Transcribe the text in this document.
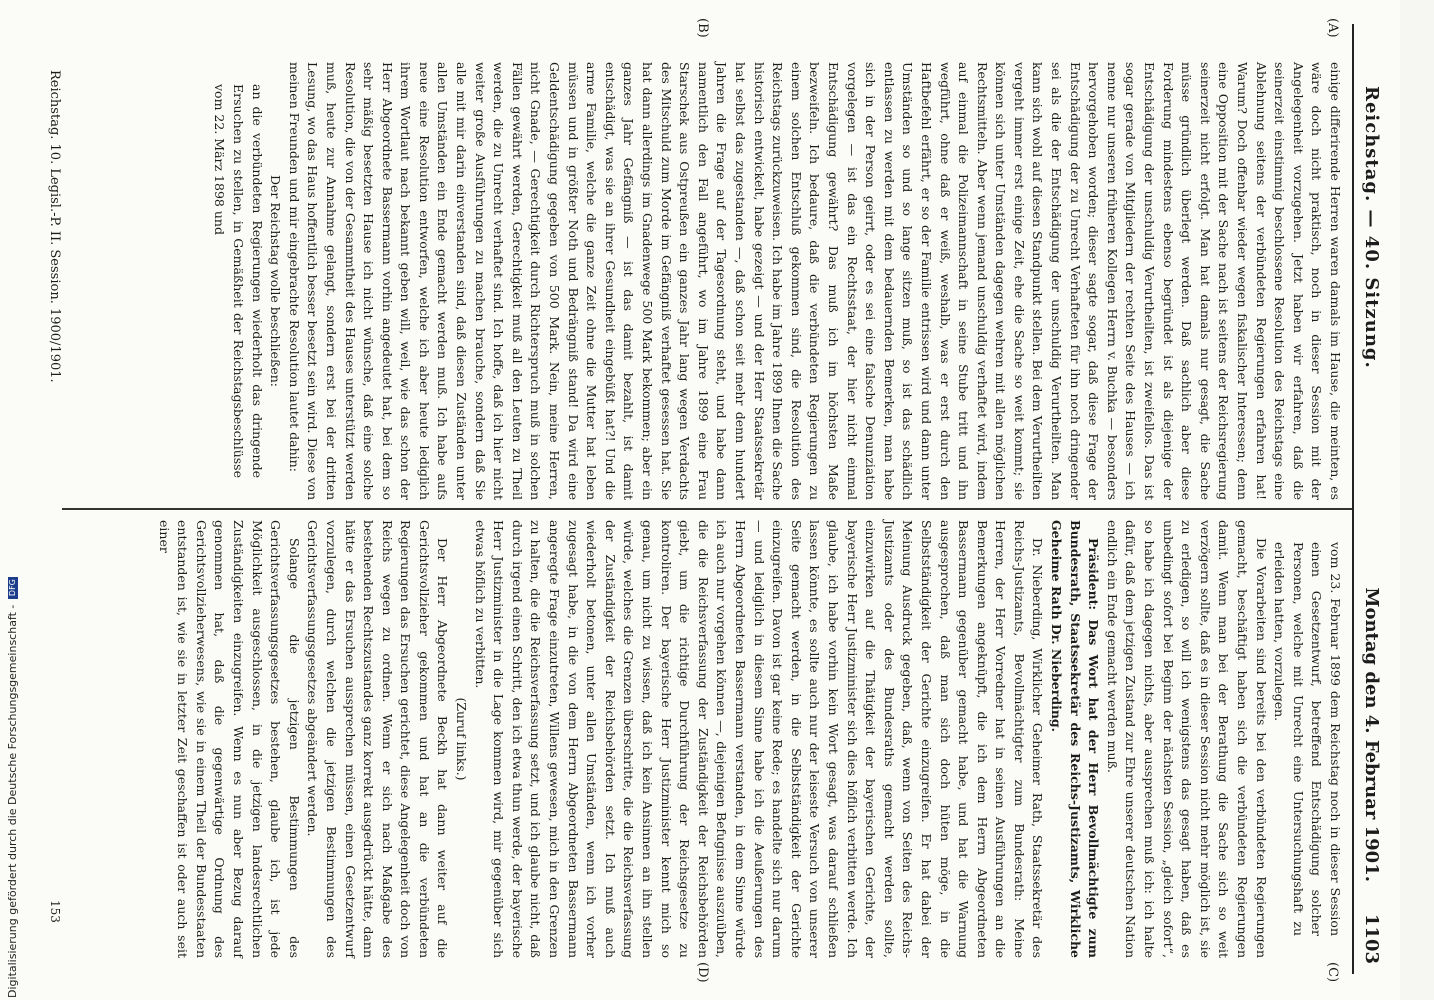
Reichstag. — 40. Sitzung.
Montag den 4. Februar 1901.
1103
(A)
(B)
(C)
(D)

einige differirende Herren waren damals im Hause, die meinten, es wäre doch nicht praktisch, noch in dieser Session mit der Angelegenheit vorzugehen. Jetzt haben wir erfahren, daß die seinerzeit einstimmig beschlossene Resolution des Reichstags eine Ablehnung seitens der verbündeten Regierungen erfahren hat! Warum? Doch offenbar wieder wegen fiskalischer Interessen; denn eine Opposition mit der Sache nach ist seitens der Reichsregierung seinerzeit nicht erfolgt. Man hat damals nur gesagt, die Sache müsse gründlich überlegt werden. Daß sachlich aber diese Forderung mindestens ebenso begründet ist als diejenige der Entschädigung der unschuldig Verurtheilten, ist zweifellos. Das ist sogar gerade von Mitgliedern der rechten Seite des Hauses — ich nenne nur unseren früheren Kollegen Herrn v. Buchka — besonders hervorgehoben worden; dieser sagte sogar, daß diese Frage der Entschädigung der zu Unrecht Verhafteten für ihn noch dringender sei als die der Entschädigung der unschuldig Verurtheilten. Man kann sich wohl auf diesen Standpunkt stellen. Bei dem Verurtheilten vergeht immer erst einige Zeit, ehe die Sache so weit kommt; sie können sich unter Umständen dagegen wehren mit allen möglichen Rechtsmitteln. Aber wenn jemand unschuldig verhaftet wird, indem auf einmal die Polizeimannschaft in seine Stube tritt und ihn wegführt, ohne daß er weiß, weshalb, was er erst durch den Haftbefehl erfährt, er so der Familie entrissen wird und dann unter Umständen so und so lange sitzen muß, so ist das schädlich entlassen zu werden mit dem bedauernden Bemerken, man habe sich in der Person geirrt, oder es sei eine falsche Denunziation vorgelegen — ist das ein Rechtsstaat, der hier nicht einmal Entschädigung gewährt? Das muß ich im höchsten Maße bezweifeln. Ich bedaure, daß die verbündeten Regierungen zu einem solchen Entschluß gekommen sind, die Resolution des Reichstags zurückzuweisen. Ich habe im Jahre 1899 Ihnen die Sache historisch entwickelt, habe gezeigt — und der Herr Staatssekretär hat selbst das zugestanden —, daß schon seit mehr denn hundert Jahren die Frage auf der Tagesordnung steht, und habe dann namentlich den Fall angeführt, wo im Jahre 1899 eine Frau Starschek aus Ostpreußen ein ganzes Jahr lang wegen Verdachts des Mitschuld zum Morde im Gefängniß verhaftet gesessen hat. Sie hat dann allerdings im Gnadenwege 500 Mark bekommen; aber ein ganzes Jahr Gefängniß — ist das damit bezahlt, ist damit entschädigt, was sie an ihrer Gesundheit eingebüßt hat?! Und die arme Familie, welche die ganze Zeit ohne die Mutter hat leben müssen und in größter Noth und Bedrängniß stand! Da wird eine Geldentschädigung gegeben von 500 Mark. Nein, meine Herren, nicht Gnade, — Gerechtigkeit durch Richterspruch muß in solchen Fällen gewährt werden, Gerechtigkeit muß all den Leuten zu Theil werden, die zu Unrecht verhaftet sind. Ich hoffe, daß ich hier nicht weiter große Ausführungen zu machen brauche, sondern daß Sie alle mit mir darin einverstanden sind, daß diesen Zuständen unter allen Umständen ein Ende gemacht werden muß. Ich habe aufs neue eine Resolution entworfen, welche ich aber heute lediglich ihrem Wortlaut nach bekannt geben will, weil, wie das schon der Herr Abgeordnete Bassermann vorhin angedeutet hat, bei dem so sehr mäßig besetzten Hause ich nicht wünsche, daß eine solche Resolution, die von der Gesammtheit des Hauses unterstützt werden muß, heute zur Annahme gelangt, sondern erst bei der dritten Lesung, wo das Haus hoffentlich besser besetzt sein wird. Diese von meinen Freunden und mir eingebrachte Resolution lautet dahin:

Der Reichstag wolle beschließen:

an die verbündeten Regierungen wiederholt das dringende Ersuchen zu stellen, in Gemäßheit der Reichstagsbeschlüsse vom 22. März 1898 und

vom 23. Februar 1899 dem Reichstag noch in dieser Session einen Gesetzentwurf, betreffend Entschädigung solcher Personen, welche mit Unrecht eine Untersuchungshaft zu erleiden hatten, vorzulegen.

Die Vorarbeiten sind bereits bei den verbündeten Regierungen gemacht, beschäftigt haben sich die verbündeten Regierungen damit. Wenn man bei der Berathung die Sache sich so weit verzögern sollte, daß es in dieser Session nicht mehr möglich ist, sie zu erledigen, so will ich wenigstens das gesagt haben, daß es unbedingt sofort bei Beginn der nächsten Session, „gleich sofort“, so habe ich dagegen nichts, aber aussprechen muß ich: ich halte dafür, daß dem jetzigen Zustand zur Ehre unserer deutschen Nation endlich ein Ende gemacht werden muß.

Präsident: Das Wort hat der Herr Bevollmächtigte zum Bundesrath, Staatssekretär des Reichs-Justizamts, Wirkliche Geheime Rath Dr. Nieberding.

Dr. Nieberding, Wirklicher Geheimer Rath, Staatssekretär des Reichs-Justizamts, Bevollmächtigter zum Bundesrath: Meine Herren, der Herr Vorredner hat in seinen Ausführungen an die Bemerkungen angeknüpft, die ich dem Herrn Abgeordneten Bassermann gegenüber gemacht habe, und hat die Warnung ausgesprochen, daß man sich doch hüten möge, in die Selbstständigkeit der Gerichte einzugreifen. Er hat dabei der Meinung Ausdruck gegeben, daß, wenn von Seiten des Reichs-Justizamts oder des Bundesraths gemacht werden sollte, einzuwirken auf die Thätigkeit der bayerischen Gerichte, der bayerische Herr Justizminister sich dies höflich verbitten werde. Ich glaube, ich habe vorhin kein Wort gesagt, was darauf schließen lassen könnte, es sollte auch nur der leiseste Versuch von unserer Seite gemacht werden, in die Selbstständigkeit der Gerichte einzugreifen. Davon ist gar keine Rede; es handelte sich nur darum — und lediglich in diesem Sinne habe ich die Aeußerungen des Herrn Abgeordneten Bassermann verstanden, in dem Sinne würde ich auch nur vorgehen können —, diejenigen Befugnisse auszuüben, die die Reichsverfassung der Zuständigkeit der Reichsbehörden giebt, um die richtige Durchführung der Reichsgesetze zu kontroliren. Der bayerische Herr Justizminister kennt mich so genau, um nicht zu wissen, daß ich kein Ansinnen an ihn stellen würde, welches die Grenzen überschritte, die die Reichsverfassung der Zuständigkeit der Reichsbehörden setzt. Ich muß auch wiederholt betonen, unter allen Umständen, wenn ich vorher zugesagt habe, in die von dem Herrn Abgeordneten Bassermann angeregte Frage einzutreten, Willens gewesen, mich in den Grenzen zu halten, die die Reichsverfassung setzt, und ich glaube nicht, daß durch irgend einen Schritt, den ich etwa thun werde, der bayerische Herr Justizminister in die Lage kommen wird, mir gegenüber sich etwas höflich zu verbitten.

(Zuruf links.)

Der Herr Abgeordnete Beckh hat dann weiter auf die Gerichtsvollzieher gekommen und hat an die verbündeten Regierungen das Ersuchen gerichtet, diese Angelegenheit doch von Reichs wegen zu ordnen. Wenn er sich nach Maßgabe des bestehenden Rechtszustandes ganz korrekt ausgedrückt hätte, dann hätte er das Ersuchen aussprechen müssen, einen Gesetzentwurf vorzulegen, durch welchen die jetzigen Bestimmungen des Gerichtsverfassungsgesetzes abgeändert werden.

Solange die jetzigen Bestimmungen des Gerichtsverfassungsgesetzes bestehen, glaube ich, ist jede Möglichkeit ausgeschlossen, in die jetzigen landesrechtlichen Zuständigkeiten einzugreifen. Wenn es nun aber Bezug darauf genommen hat, daß die gegenwärtige Ordnung des Gerichtsvollzieherwesens, wie sie in einem Theil der Bundesstaaten entstanden ist, wie sie in letzter Zeit geschaffen ist oder auch seit einer

Reichstag. 10. Legisl.-P. II. Session. 1900/1901.
153
Digitalisierung gefördert durch die Deutsche Forschungsgemeinschaft -DFG
